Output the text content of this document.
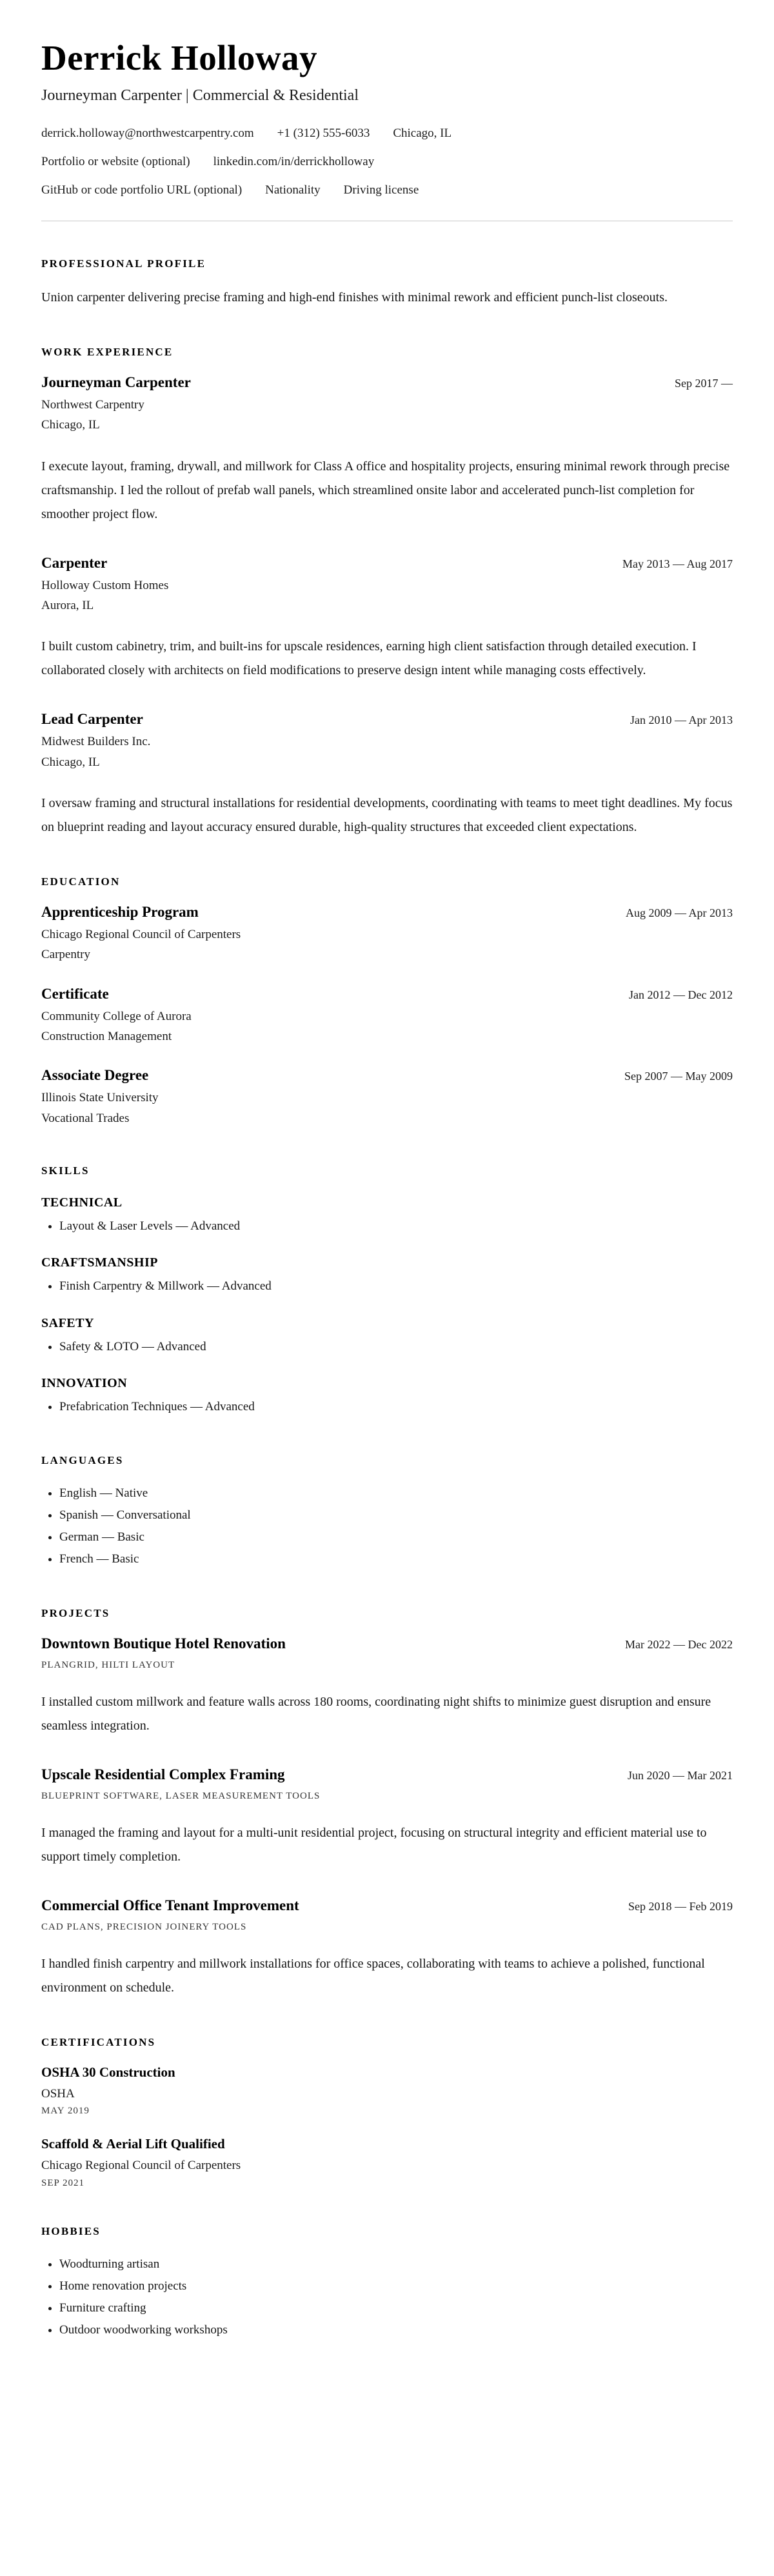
Derrick Holloway

Journeyman Carpenter | Commercial & Residential

derrick.holloway@northwestcarpentry.com +1 (312) 555-6033 Chicago, IL
Portfolio or website (optional) linkedin.com/in/derrickholloway
GitHub or code portfolio URL (optional) Nationality Driving license
PROFESSIONAL PROFILE

Union carpenter delivering precise framing and high-end finishes with minimal rework and efficient punch-list closeouts.

WORK EXPERIENCE
Journeyman Carpenter	Sep 2017 —
Northwest Carpentry
Chicago, IL

I execute layout, framing, drywall, and millwork for Class A office and hospitality projects, ensuring minimal rework through precise craftsmanship. I led the rollout of prefab wall panels, which streamlined onsite labor and accelerated punch-list completion for smoother project flow.

Carpenter	May 2013 — Aug 2017
Holloway Custom Homes
Aurora, IL

I built custom cabinetry, trim, and built-ins for upscale residences, earning high client satisfaction through detailed execution. I collaborated closely with architects on field modifications to preserve design intent while managing costs effectively.

Lead Carpenter	Jan 2010 — Apr 2013
Midwest Builders Inc.
Chicago, IL

I oversaw framing and structural installations for residential developments, coordinating with teams to meet tight deadlines. My focus on blueprint reading and layout accuracy ensured durable, high-quality structures that exceeded client expectations.

EDUCATION
Apprenticeship Program	Aug 2009 — Apr 2013
Chicago Regional Council of Carpenters
Carpentry
Certificate	Jan 2012 — Dec 2012
Community College of Aurora
Construction Management
Associate Degree	Sep 2007 — May 2009
Illinois State University
Vocational Trades
SKILLS
TECHNICAL
• Layout & Laser Levels — Advanced
CRAFTSMANSHIP
• Finish Carpentry & Millwork — Advanced
SAFETY
• Safety & LOTO — Advanced
INNOVATION
• Prefabrication Techniques — Advanced
LANGUAGES
• English — Native
• Spanish — Conversational
• German — Basic
• French — Basic
PROJECTS
Downtown Boutique Hotel Renovation	Mar 2022 — Dec 2022
PLANGRID, HILTI LAYOUT

I installed custom millwork and feature walls across 180 rooms, coordinating night shifts to minimize guest disruption and ensure seamless integration.

Upscale Residential Complex Framing	Jun 2020 — Mar 2021
BLUEPRINT SOFTWARE, LASER MEASUREMENT TOOLS

I managed the framing and layout for a multi-unit residential project, focusing on structural integrity and efficient material use to support timely completion.

Commercial Office Tenant Improvement	Sep 2018 — Feb 2019
CAD PLANS, PRECISION JOINERY TOOLS

I handled finish carpentry and millwork installations for office spaces, collaborating with teams to achieve a polished, functional environment on schedule.

CERTIFICATIONS
OSHA 30 Construction
OSHA
MAY 2019
Scaffold & Aerial Lift Qualified
Chicago Regional Council of Carpenters
SEP 2021
HOBBIES
• Woodturning artisan
• Home renovation projects
• Furniture crafting
• Outdoor woodworking workshops
